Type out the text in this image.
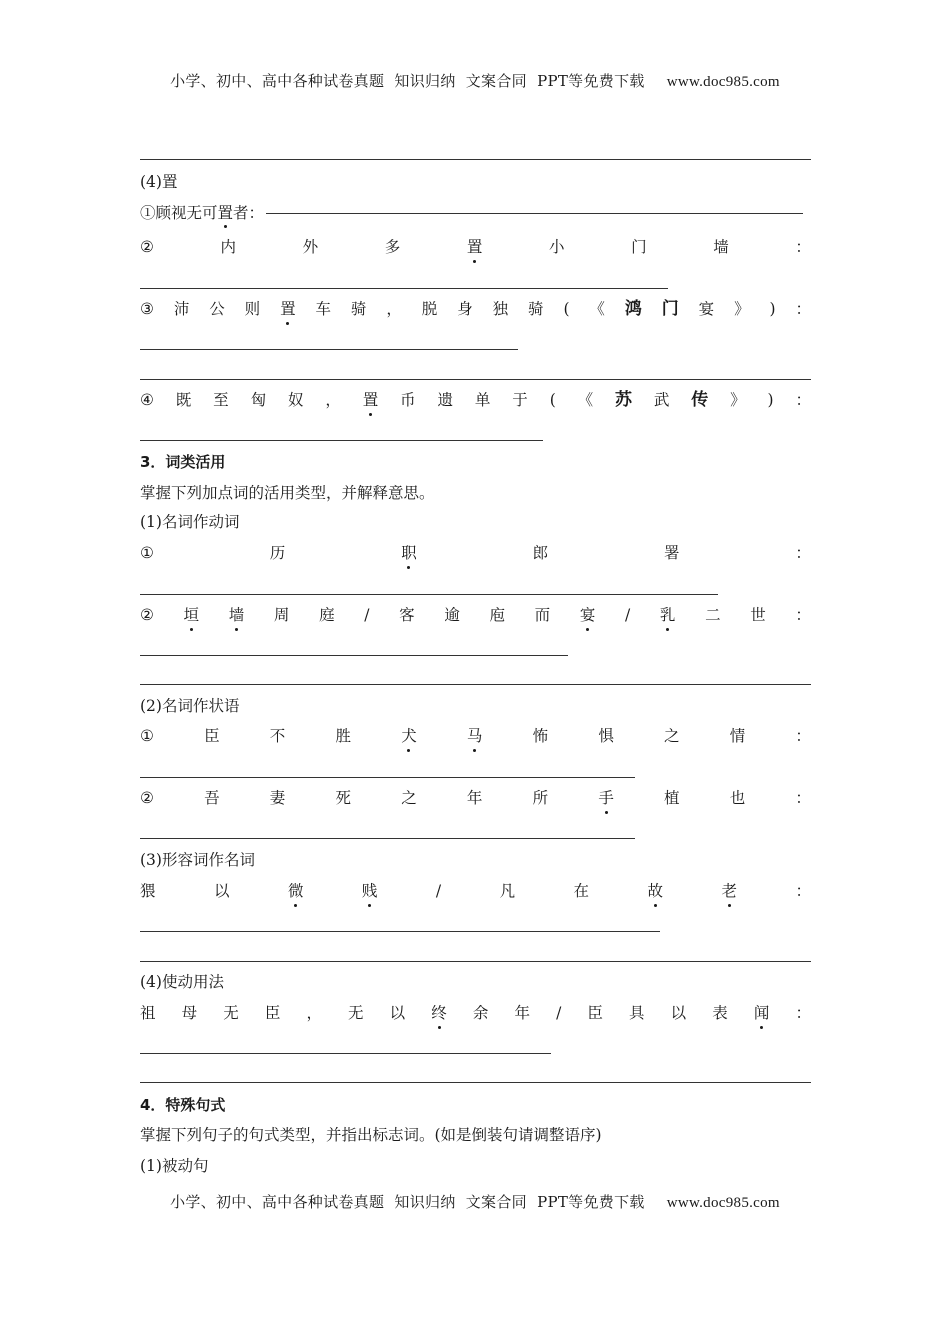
小学、初中、高中各种试卷真题  知识归纳  文案合同  PPT等免费下载 www.doc985.com
(4)置
①顾视无可置者：
②	内	外	多	置	小	门	墙	：
③ 沛 公 则 置 车 骑 ， 脱 身 独 骑 ( 《 鸿 门 宴 》 ) ：
④ 既 至 匈 奴 ， 置 币 遗 单 于 ( 《 苏 武 传 》 ) ：
3．词类活用
掌握下列加点词的活用类型，并解释意思。
(1)名词作动词
①	历	职	郎	署	：
② 垣 墙 周 庭 / 客 逾 庖 而 宴 / 乳 二 世 ：
(2)名词作状语
①	臣	不	胜	犬	马	怖	惧	之	情	：
②	吾	妻	死	之	年	所	手	植	也	：
(3)形容词作名词
猥	以	微	贱	/	凡	在	故	老	：
(4)使动用法
祖 母 无 臣 ， 无 以 终 余 年 / 臣 具 以 表 闻 ：
4．特殊句式
掌握下列句子的句式类型，并指出标志词。(如是倒装句请调整语序)
(1)被动句
小学、初中、高中各种试卷真题  知识归纳  文案合同  PPT等免费下载 www.doc985.com
